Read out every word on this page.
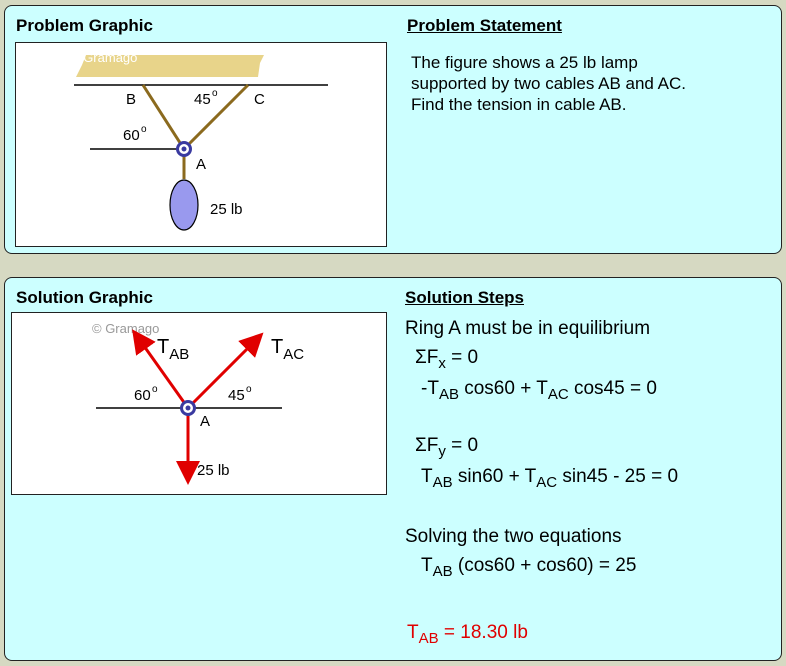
Problem Graphic	Problem Statement
© Gramago
B	C
45 o
60 o
A
25 lb
The figure shows a 25 lb lamp
supported by two cables AB and AC.
Find the tension in cable AB.
Solution Graphic	Solution Steps
© Gramago
$T_{AB}$	$T_{AC}$
60 o	45 o
A
25 lb
Ring A must be in equilibrium
$\Sigma F_x = 0$
$-T_{AB}$ $\cos 60 + T_{AC}$ cos45 = 0
$\Sigma F_y = 0$
$T_{AB}$ $\sin 60 + T_{AC}$ sin45 - 25 = 0
Solving the two equations
$T_{AB}$ (cos60 + cos60) = 25
$T_{AB} = 18.30$ lb
